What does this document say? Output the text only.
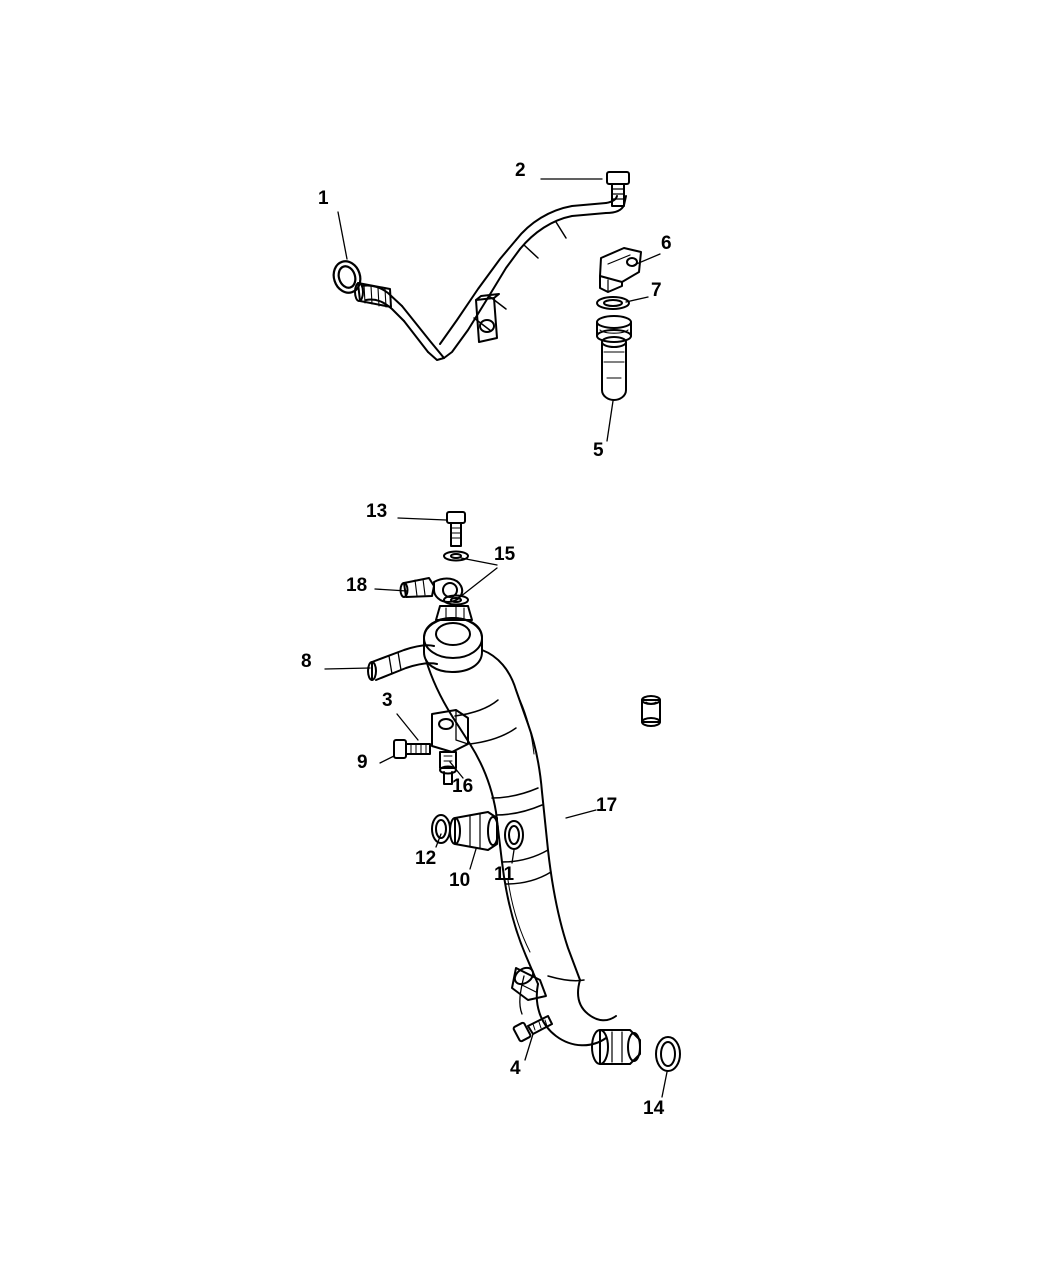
1
2
3
4
5
6
7
8
9
10 11
12
13
14
15
16
17
18
